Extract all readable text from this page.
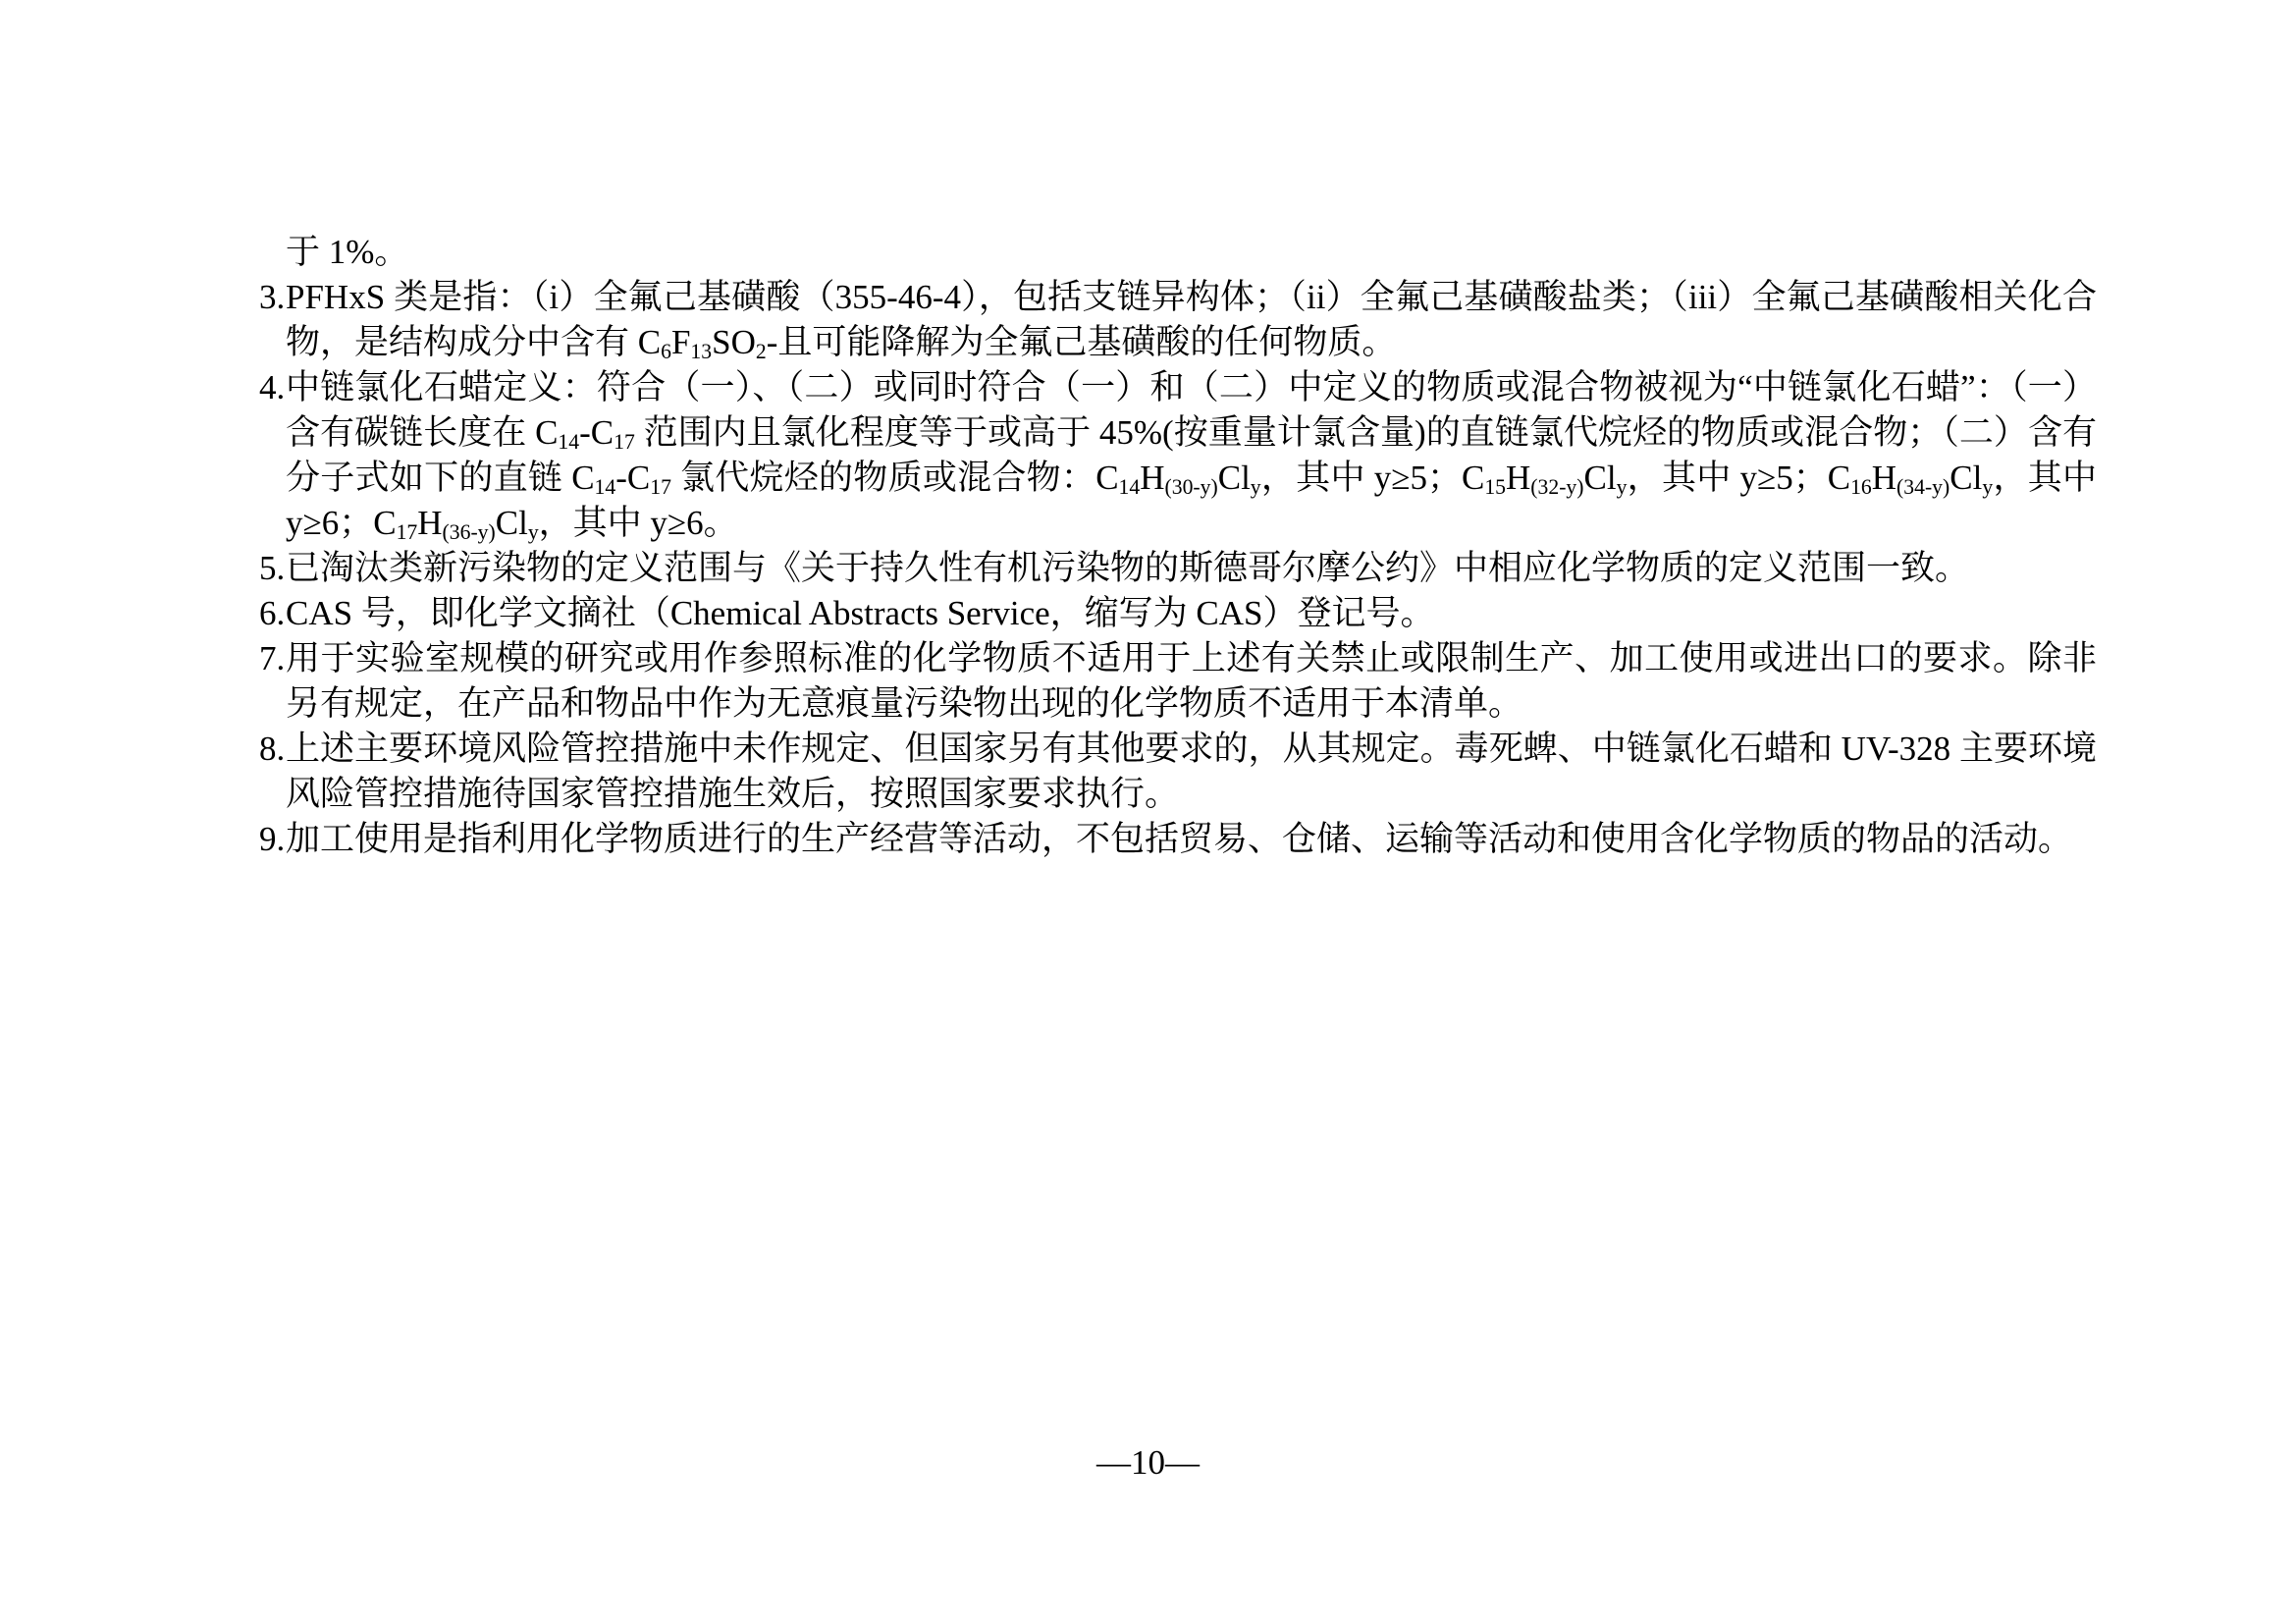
于 1%。
3. PFHxS 类是指：（i）全氟己基磺酸（355-46-4），包括支链异构体；（ii）全氟己基磺酸盐类；（iii）全氟己基磺酸相关化合物，是结构成分中含有 $C_6F_{13}SO_2-$且可能降解为全氟己基磺酸的任何物质。
4. 中链氯化石蜡定义：符合（一）、（二）或同时符合（一）和（二）中定义的物质或混合物被视为“中链氯化石蜡”：（一）含有碳链长度在 $C_{14}-C_{17}$ 范围内且氯化程度等于或高于 45%(按重量计氯含量)的直链氯代烷烃的物质或混合物；（二）含有分子式如下的直链 $C_{14}-C_{17}$ 氯代烷烃的物质或混合物：$C_{14}H_{(30-y)}Cl_y$，其中 y≥5；$C_{15}H_{(32-y)}Cl_y$，其中 y≥5；$C_{16}H_{(34-y)}Cl_y$，其中 y≥6；$C_{17}H_{(36-y)}Cl_y$，其中 y≥6。
5. 已淘汰类新污染物的定义范围与《关于持久性有机污染物的斯德哥尔摩公约》中相应化学物质的定义范围一致。
6. CAS 号，即化学文摘社（Chemical Abstracts Service，缩写为 CAS）登记号。
7. 用于实验室规模的研究或用作参照标准的化学物质不适用于上述有关禁止或限制生产、加工使用或进出口的要求。除非另有规定，在产品和物品中作为无意痕量污染物出现的化学物质不适用于本清单。
8. 上述主要环境风险管控措施中未作规定、但国家另有其他要求的，从其规定。毒死蜱、中链氯化石蜡和 UV-328 主要环境风险管控措施待国家管控措施生效后，按照国家要求执行。
9. 加工使用是指利用化学物质进行的生产经营等活动，不包括贸易、仓储、运输等活动和使用含化学物质的物品的活动。
—10—
